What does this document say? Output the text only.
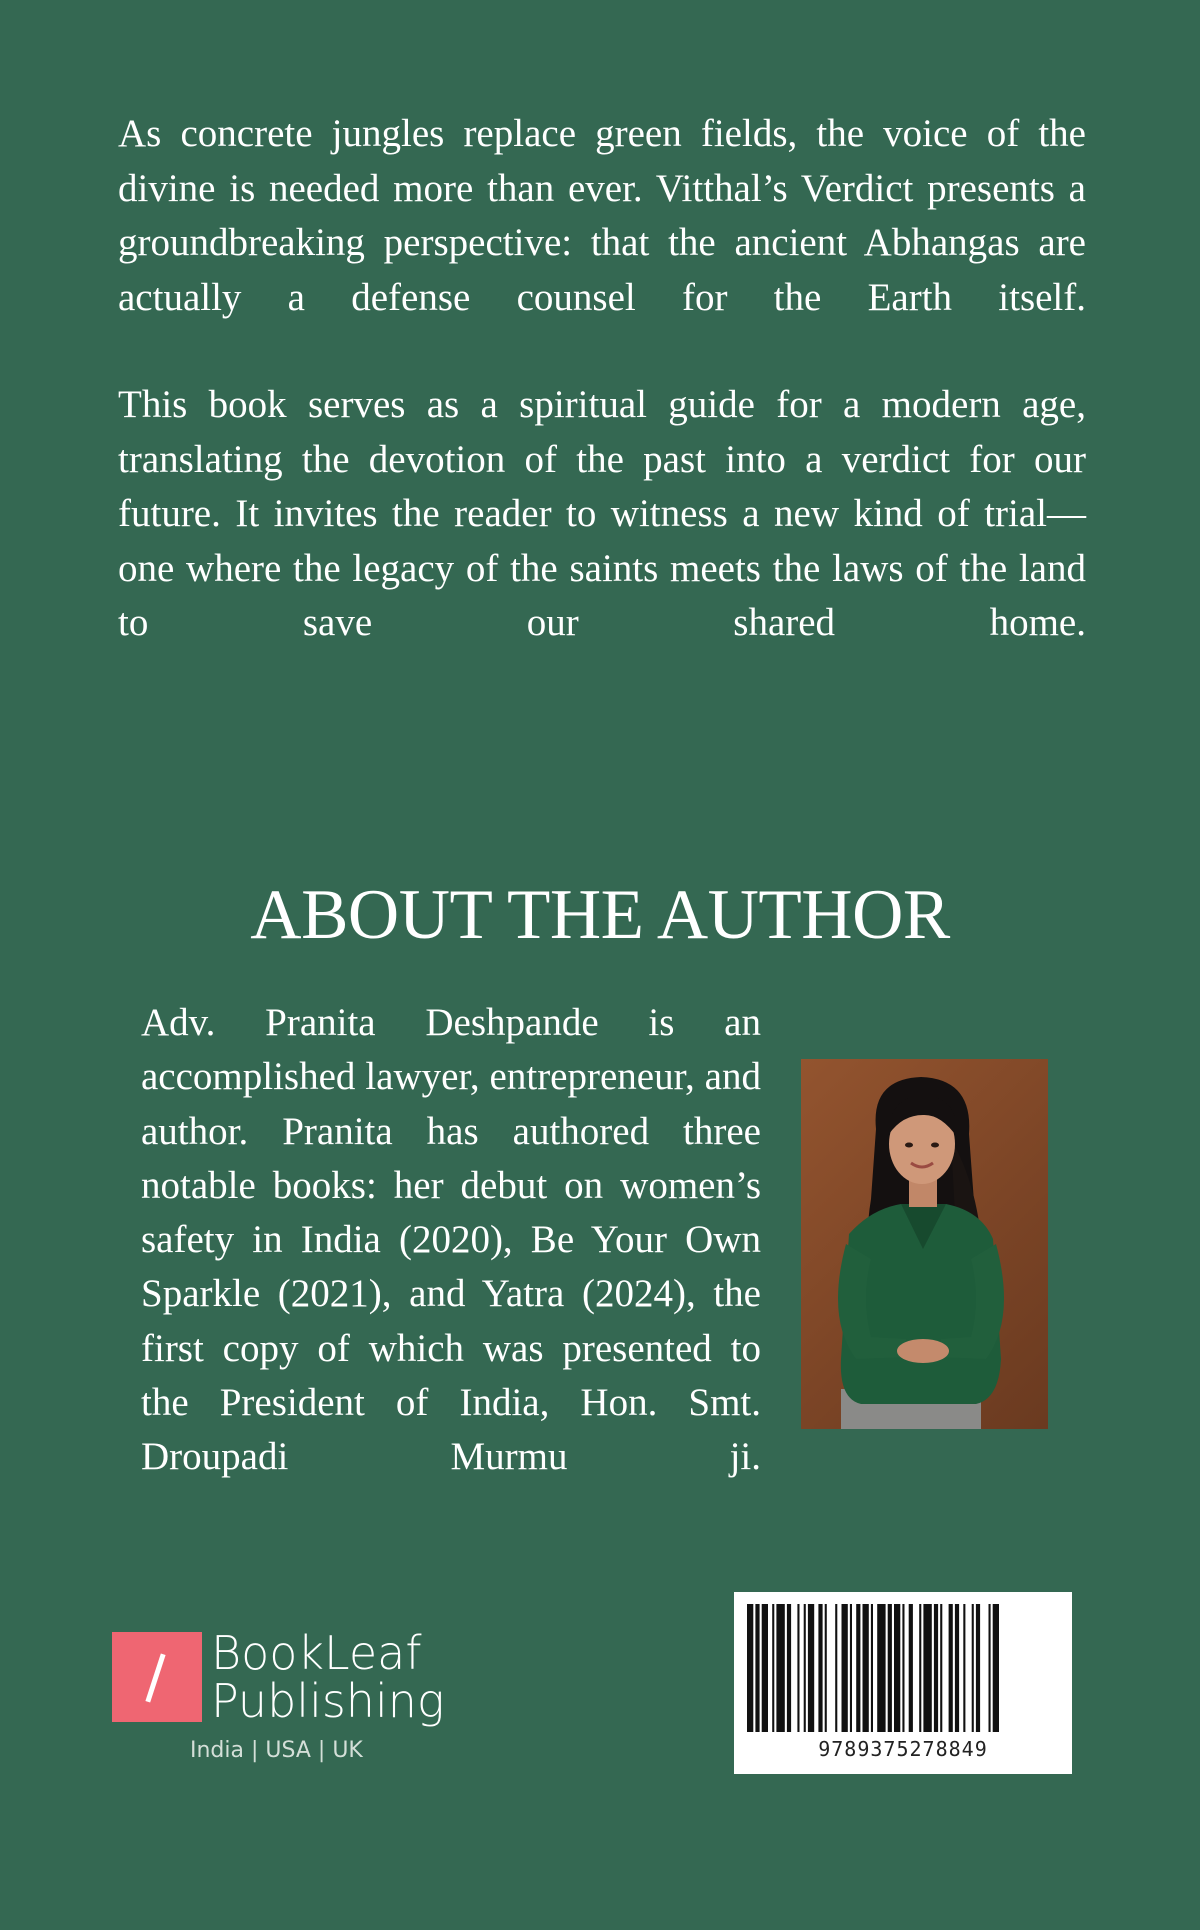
As concrete jungles replace green fields, the voice of the divine is needed more than ever. Vitthal’s Verdict presents a groundbreaking perspective: that the ancient Abhangas are actually a defense counsel for the Earth itself.

This book serves as a spiritual guide for a modern age, translating the devotion of the past into a verdict for our future. It invites the reader to witness a new kind of trial—one where the legacy of the saints meets the laws of the land to save our shared home.

ABOUT THE AUTHOR

Adv. Pranita Deshpande is an accomplished lawyer, entrepreneur, and author. Pranita has authored three notable books: her debut on women’s safety in India (2020), Be Your Own Sparkle (2021), and Yatra (2024), the first copy of which was presented to the President of India, Hon. Smt. Droupadi Murmu ji.

BookLeaf
Publishing
India | USA | UK	9789375278849
